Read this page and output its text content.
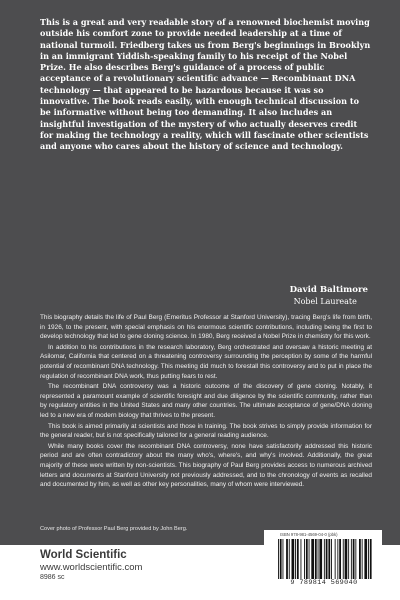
This is a great and very readable story of a renowned biochemist moving outside his comfort zone to provide needed leadership at a time of national turmoil. Friedberg takes us from Berg's beginnings in Brooklyn in an immigrant Yiddish-speaking family to his receipt of the Nobel Prize. He also describes Berg's guidance of a process of public acceptance of a revolutionary scientific advance — Recombinant DNA technology — that appeared to be hazardous because it was so innovative. The book reads easily, with enough technical discussion to be informative without being too demanding. It also includes an insightful investigation of the mystery of who actually deserves credit for making the technology a reality, which will fascinate other scientists and anyone who cares about the history of science and technology.

David Baltimore
Nobel Laureate

This biography details the life of Paul Berg (Emeritus Professor at Stanford University), tracing Berg's life from birth, in 1926, to the present, with special emphasis on his enormous scientific contributions, including being the first to develop technology that led to gene cloning science. In 1980, Berg received a Nobel Prize in chemistry for this work.

In addition to his contributions in the research laboratory, Berg orchestrated and oversaw a historic meeting at Asilomar, California that centered on a threatening controversy surrounding the perception by some of the harmful potential of recombinant DNA technology. This meeting did much to forestall this controversy and to put in place the regulation of recombinant DNA work, thus putting fears to rest.

The recombinant DNA controversy was a historic outcome of the discovery of gene cloning. Notably, it represented a paramount example of scientific foresight and due diligence by the scientific community, rather than by regulatory entities in the United States and many other countries. The ultimate acceptance of gene/DNA cloning led to a new era of modern biology that thrives to the present.

This book is aimed primarily at scientists and those in training. The book strives to simply provide information for the general reader, but is not specifically tailored for a general reading audience.

While many books cover the recombinant DNA controversy, none have satisfactorily addressed this historic period and are often contradictory about the many who's, where's, and why's involved. Additionally, the great majority of these were written by non-scientists. This biography of Paul Berg provides access to numerous archived letters and documents at Stanford University not previously addressed, and to the chronology of events as recalled and documented by him, as well as other key personalities, many of whom were interviewed.

Cover photo of Professor Paul Berg provided by John Berg.
World Scientific
www.worldscientific.com
8986 sc
ISBN 978-981-4569-04-0 (pbk)
9 789814 569040
